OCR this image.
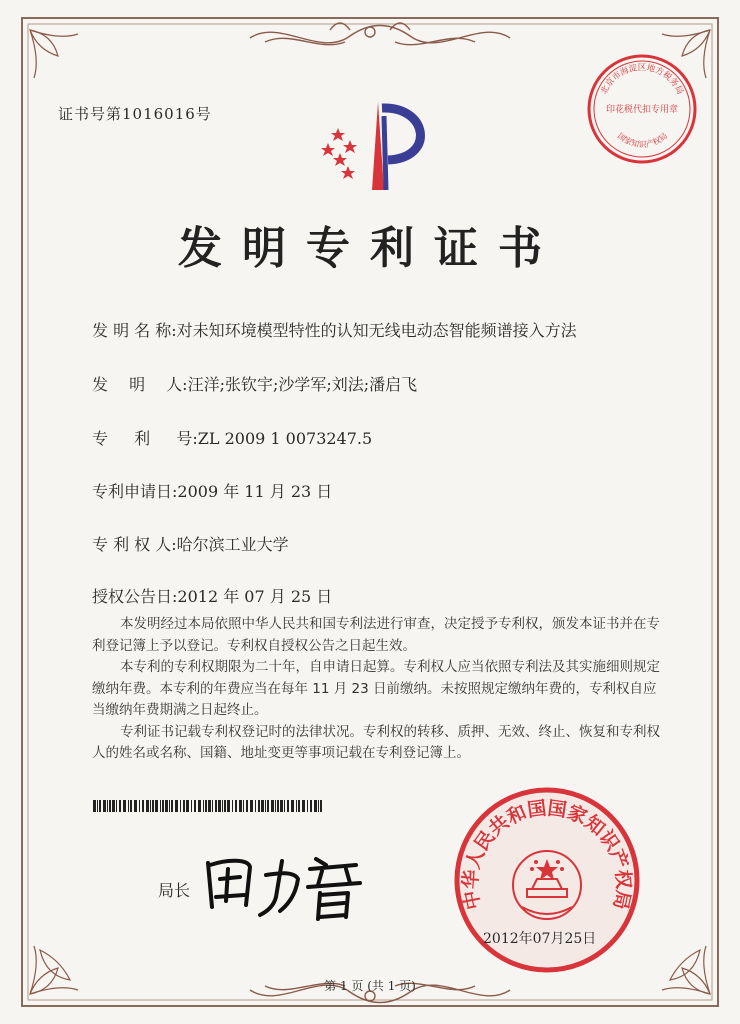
证书号第1016016号
北京市海淀区地方税务局
印花税代扣专用章
国家知识产权局
发明专利证书
发 明 名 称:对未知环境模型特性的认知无线电动态智能频谱接入方法
发 　明 　人:汪洋;张钦宇;沙学军;刘法;潘启飞
专 　 利 　 号:ZL 2009 1 0073247.5
专利申请日:2009 年 11 月 23 日
专 利 权 人:哈尔滨工业大学
授权公告日:2012 年 07 月 25 日

本发明经过本局依照中华人民共和国专利法进行审查，决定授予专利权，颁发本证书并在专利登记簿上予以登记。专利权自授权公告之日起生效。

本专利的专利权期限为二十年，自申请日起算。专利权人应当依照专利法及其实施细则规定缴纳年费。本专利的年费应当在每年 11 月 23 日前缴纳。未按照规定缴纳年费的，专利权自应当缴纳年费期满之日起终止。

专利证书记载专利权登记时的法律状况。专利权的转移、质押、无效、终止、恢复和专利权人的姓名或名称、国籍、地址变更等事项记载在专利登记簿上。

局长	中华人民共和国国家知识产权局
2012年07月25日
第 1 页 (共 1 页)
